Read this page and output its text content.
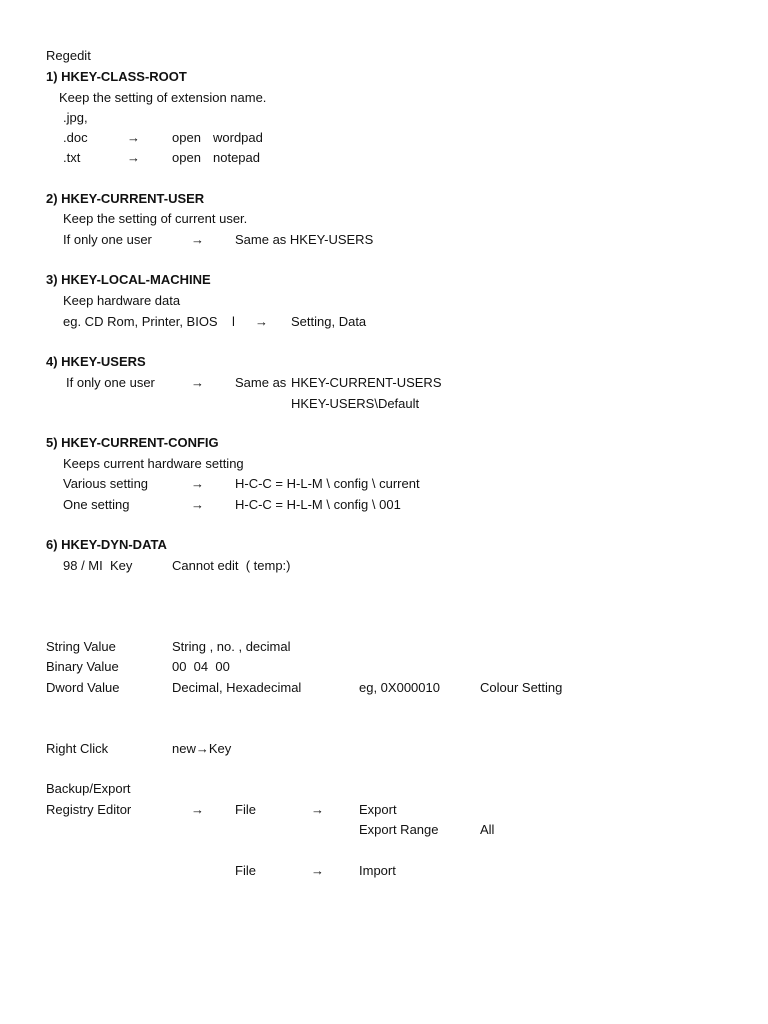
Regedit
1) HKEY-CLASS-ROOT
Keep the setting of extension name.
.jpg,
.doc	→ open wordpad
.txt	→ open notepad
2) HKEY-CURRENT-USER
Keep the setting of current user.
If only one user	→ Same as HKEY-USERS
3) HKEY-LOCAL-MACHINE
Keep hardware data
eg. CD Rom, Printer, BIOS l → Setting, Data
4) HKEY-USERS
If only one user	→ Same as HKEY-CURRENT-USERS
HKEY-USERS\Default
5) HKEY-CURRENT-CONFIG
Keeps current hardware setting
Various setting	→ H-C-C = H-L-M \ config \ current
One setting	→ H-C-C = H-L-M \ config \ 001
6) HKEY-DYN-DATA
98 / MI  Key	Cannot edit  ( temp:)
String Value	String , no. , decimal
Binary Value	00  04  00
Dword Value	Decimal, Hexadecimal	eg, 0X000010	Colour Setting
Right Click	new→Key
Backup/Export
Registry Editor	→ File	→	Export
Export Range	All
File	→	Import
